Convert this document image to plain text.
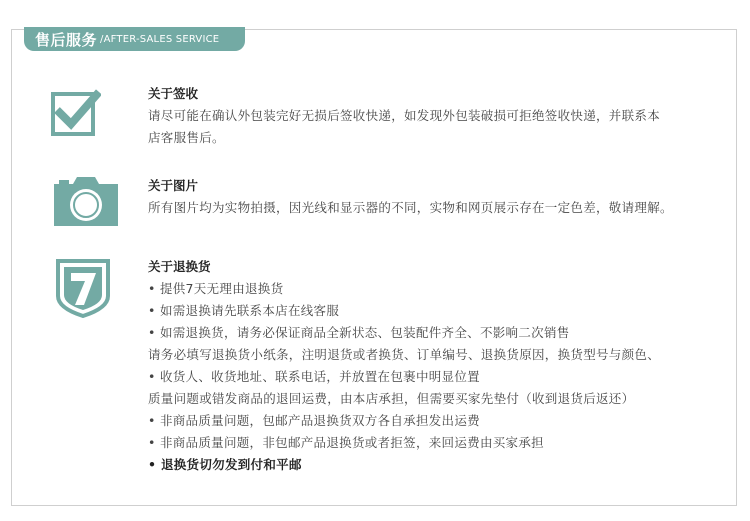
售后服务 /AFTER-SALES SERVICE
关于签收
请尽可能在确认外包装完好无损后签收快递，如发现外包装破损可拒绝签收快递，并联系本
店客服售后。
关于图片
所有图片均为实物拍摄，因光线和显示器的不同，实物和网页展示存在一定色差，敬请理解。
关于退换货
• 提供7天无理由退换货
• 如需退换请先联系本店在线客服
• 如需退换货，请务必保证商品全新状态、包装配件齐全、不影响二次销售
请务必填写退换货小纸条，注明退货或者换货、订单编号、退换货原因，换货型号与颜色、
• 收货人、收货地址、联系电话，并放置在包裹中明显位置
质量问题或错发商品的退回运费，由本店承担，但需要买家先垫付（收到退货后返还）
• 非商品质量问题，包邮产品退换货双方各自承担发出运费
• 非商品质量问题，非包邮产品退换货或者拒签，来回运费由买家承担
• 退换货切勿发到付和平邮
